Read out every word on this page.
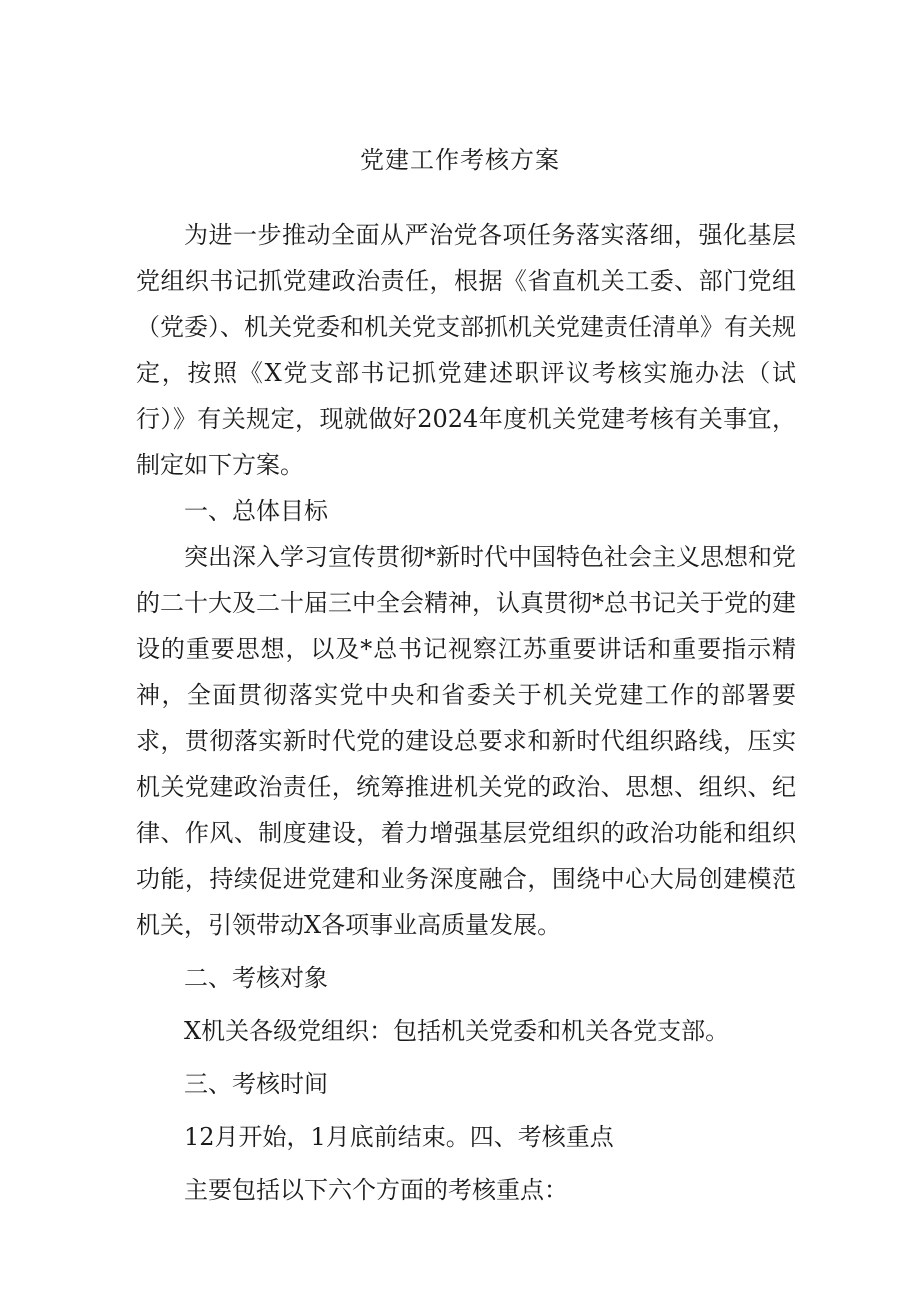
党建工作考核方案

为进一步推动全面从严治党各项任务落实落细，强化基层党组织书记抓党建政治责任，根据《省直机关工委、部门党组（党委）、机关党委和机关党支部抓机关党建责任清单》有关规定，按照《X党支部书记抓党建述职评议考核实施办法（试行）》有关规定，现就做好2024年度机关党建考核有关事宜，制定如下方案。

一、总体目标

突出深入学习宣传贯彻*新时代中国特色社会主义思想和党的二十大及二十届三中全会精神，认真贯彻*总书记关于党的建设的重要思想，以及*总书记视察江苏重要讲话和重要指示精神，全面贯彻落实党中央和省委关于机关党建工作的部署要求，贯彻落实新时代党的建设总要求和新时代组织路线，压实机关党建政治责任，统筹推进机关党的政治、思想、组织、纪律、作风、制度建设，着力增强基层党组织的政治功能和组织功能，持续促进党建和业务深度融合，围绕中心大局创建模范机关，引领带动X各项事业高质量发展。

二、考核对象

X机关各级党组织：包括机关党委和机关各党支部。

三、考核时间

12月开始，1月底前结束。四、考核重点

主要包括以下六个方面的考核重点：
